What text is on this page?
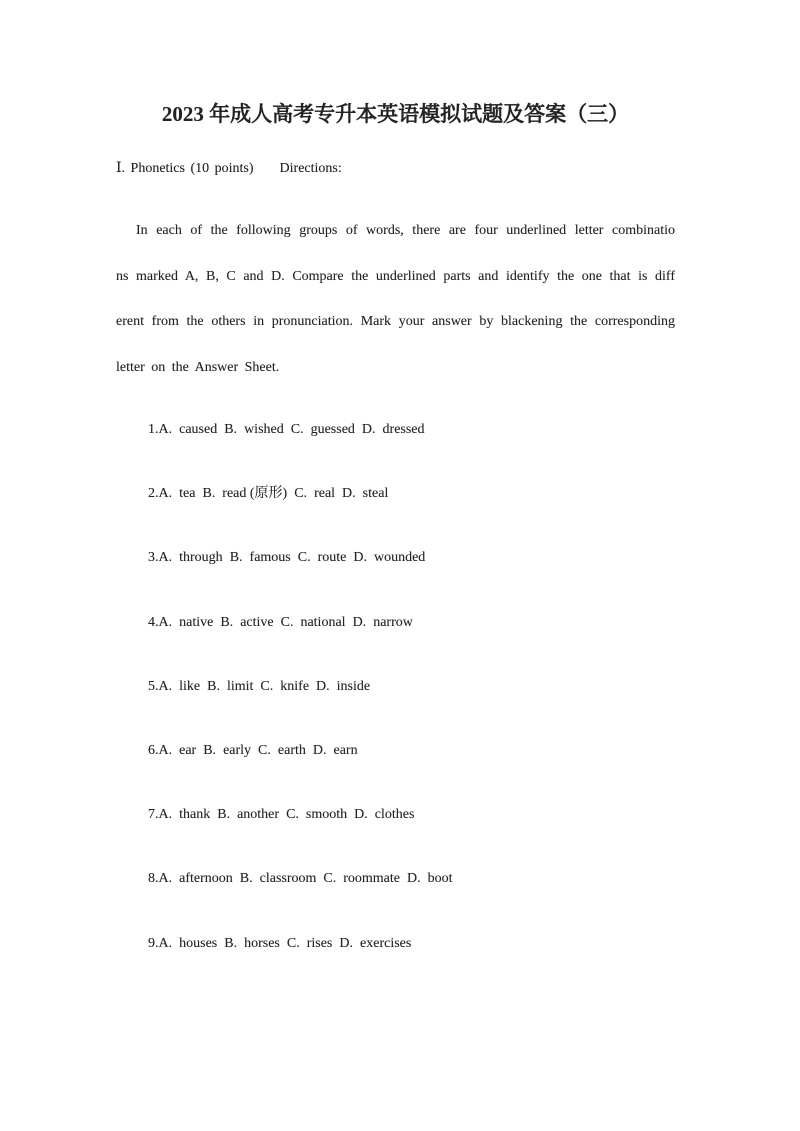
2023 年成人高考专升本英语模拟试题及答案（三）
Ⅰ. Phonetics (10 points) Directions:
In each of the following groups of words, there are four underlined letter combinatio
ns marked A, B, C and D. Compare the underlined parts and identify the one that is diff
erent from the others in pronunciation. Mark your answer by blackening the corresponding
letter on the Answer Sheet.
1.A. caused B. wished C. guessed D. dressed
2.A. tea B. read (原形) C. real D. steal
3.A. through B. famous C. route D. wounded
4.A. native B. active C. national D. narrow
5.A. like B. limit C. knife D. inside
6.A. ear B. early C. earth D. earn
7.A. thank B. another C. smooth D. clothes
8.A. afternoon B. classroom C. roommate D. boot
9.A. houses B. horses C. rises D. exercises
